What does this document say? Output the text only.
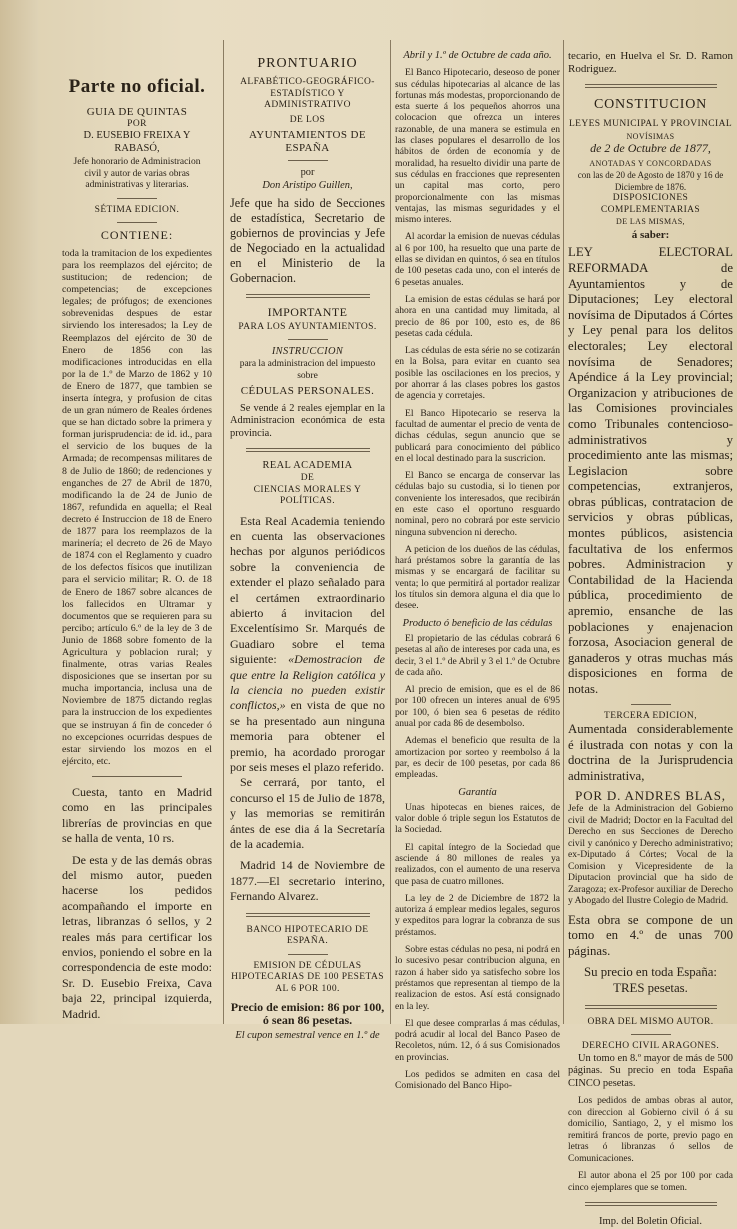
Parte no oficial.
GUIA DE QUINTAS
POR
D. EUSEBIO FREIXA Y RABASÓ,
Jefe honorario de Administracion civil y autor de varias obras administrativas y literarias.
SÉTIMA EDICION.
CONTIENE:

toda la tramitacion de los expedientes para los reemplazos del ejército; de sustitucion; de redencion; de competencias; de excepciones legales; de prófugos; de exenciones sobrevenidas despues de estar sirviendo los interesados; la Ley de Reemplazos del ejército de 30 de Enero de 1856 con las modificaciones introducidas en ella por la de 1.º de Marzo de 1862 y 10 de Enero de 1877, que tambien se inserta íntegra, y profusion de citas de un gran número de Reales órdenes que se han dictado sobre la primera y forman jurisprudencia: de id. id., para el servicio de los buques de la Armada; de recompensas militares de 8 de Julio de 1860; de redenciones y enganches de 27 de Abril de 1870, modificando la de 24 de Junio de 1867, refundida en aquella; el Real decreto é Instruccion de 18 de Enero de 1877 para los reemplazos de la marinería; el decreto de 26 de Mayo de 1874 con el Reglamento y cuadro de los defectos físicos que inutilizan para el servicio militar; R. O. de 18 de Enero de 1867 sobre alcances de los fallecidos en Ultramar y documentos que se requieren para su percibo; artículo 6.º de la ley de 3 de Junio de 1868 sobre fomento de la Agricultura y poblacion rural; y finalmente, otras varias Reales disposiciones que se insertan por su mucha importancia, inclusa una de Noviembre de 1875 dictando reglas para la instruccion de los expedientes que se instruyan á fin de conceder ó no excepciones ocurridas despues de estar sirviendo los mozos en el ejército, etc.

Cuesta, tanto en Madrid como en las principales librerías de provincias en que se halla de venta, 10 rs.

De esta y de las demás obras del mismo autor, pueden hacerse los pedidos acompañando el importe en letras, libranzas ó sellos, y 2 reales más para certificar los envios, poniendo el sobre en la correspondencia de este modo: Sr. D. Eusebio Freixa, Cava baja 22, principal izquierda, Madrid.

PRONTUARIO
ALFABÉTICO-GEOGRÁFICO-ESTADÍSTICO Y ADMINISTRATIVO
DE LOS
AYUNTAMIENTOS DE ESPAÑA
por
Don Aristipo Guillen,

Jefe que ha sido de Secciones de estadística, Secretario de gobiernos de provincias y Jefe de Negociado en la actualidad en el Ministerio de la Gobernacion.

IMPORTANTE
PARA LOS AYUNTAMIENTOS.
INSTRUCCION
para la administracion del impuesto sobre
CÉDULAS PERSONALES.

Se vende á 2 reales ejemplar en la Administracion económica de esta provincia.

REAL ACADEMIA
DE
CIENCIAS MORALES Y POLÍTICAS.

Esta Real Academia teniendo en cuenta las observaciones hechas por algunos periódicos sobre la conveniencia de extender el plazo señalado para el certámen extraordinario abierto á invitacion del Excelentísimo Sr. Marqués de Guadiaro sobre el tema siguiente: «Demostracion de que entre la Religion católica y la ciencia no pueden existir conflictos,» en vista de que no se ha presentado aun ninguna memoria para obtener el premio, ha acordado prorogar por seis meses el plazo referido.

Se cerrará, por tanto, el concurso el 15 de Julio de 1878, y las memorias se remitirán ántes de ese dia á la Secretaría de la academia.

Madrid 14 de Noviembre de 1877.—El secretario interino, Fernando Alvarez.

BANCO HIPOTECARIO DE ESPAÑA.
EMISION DE CÉDULAS HIPOTECARIAS DE 100 PESETAS AL 6 POR 100.
Precio de emision: 86 por 100, ó sean 86 pesetas.
El cupon semestral vence en 1.º de
Abril y 1.º de Octubre de cada año.

El Banco Hipotecario, deseoso de poner sus cédulas hipotecarias al alcance de las fortunas más modestas, proporcionando de esta suerte á los pequeños ahorros una colocacion que ofrezca un interes razonable, de una manera se estimula en las clases populares el desarrollo de los hábitos de órden de economía y de moralidad, ha resuelto dividir una parte de sus cédulas en fracciones que representen un capital mas corto, pero proporcionalmente con las mismas ventajas, las mismas seguridades y el mismo interes.

Al acordar la emision de nuevas cédulas al 6 por 100, ha resuelto que una parte de ellas se dividan en quintos, ó sea en títulos de 100 pesetas cada uno, con el interés de 6 pesetas anuales.

La emision de estas cédulas se hará por ahora en una cantidad muy limitada, al precio de 86 por 100, esto es, de 86 pesetas cada cédula.

Las cédulas de esta série no se cotizarán en la Bolsa, para evitar en cuanto sea posible las oscilaciones en los precios, y por ahorrar á las clases pobres los gastos de agencia y corretajes.

El Banco Hipotecario se reserva la facultad de aumentar el precio de venta de dichas cédulas, segun anuncio que se publicará para conocimiento del público en el local destinado para la suscricion.

El Banco se encarga de conservar las cédulas bajo su custodia, si lo tienen por conveniente los interesados, que recibirán en este caso el oportuno resguardo nominal, pero no cobrará por este servicio ninguna subvencion ni derecho.

A peticion de los dueños de las cédulas, hará préstamos sobre la garantía de las mismas y se encargará de facilitar su venta; lo que permitirá al portador realizar los títulos sin demora alguna el dia que lo desee.

Producto ó beneficio de las cédulas

El propietario de las cédulas cobrará 6 pesetas al año de intereses por cada una, es decir, 3 el 1.º de Abril y 3 el 1.º de Octubre de cada año.

Al precio de emision, que es el de 86 por 100 ofrecen un interes anual de 6'95 por 100, ó bien sea 6 pesetas de rédito anual por cada 86 de desembolso.

Ademas el beneficio que resulta de la amortizacion por sorteo y reembolso á la par, es decir de 100 pesetas, por cada 86 empleadas.

Garantía

Unas hipotecas en bienes raices, de valor doble ó triple segun los Estatutos de la Sociedad.

El capital íntegro de la Sociedad que asciende á 80 millones de reales ya realizados, con el aumento de una reserva que pasa de cuatro millones.

La ley de 2 de Diciembre de 1872 la autoriza á emplear medios legales, seguros y expeditos para lograr la cobranza de sus préstamos.

Sobre estas cédulas no pesa, ni podrá en lo sucesivo pesar contribucion alguna, en razon á haber sido ya satisfecho sobre los préstamos que representan al tiempo de la realizacion de estos. Así está consignado en la ley.

El que desee comprarlas á mas cédulas, podrá acudir al local del Banco Paseo de Recoletos, núm. 12, ó á sus Comisionados en provincias.

Los pedidos se admiten en casa del Comisionado del Banco Hipo-

tecario, en Huelva el Sr. D. Ramon Rodriguez.

CONSTITUCION
LEYES MUNICIPAL Y PROVINCIAL
NOVÍSIMAS
de 2 de Octubre de 1877,
ANOTADAS Y CONCORDADAS
con las de 20 de Agosto de 1870 y 16 de Diciembre de 1876.
DISPOSICIONES COMPLEMENTARIAS
DE LAS MISMAS,
á saber:

LEY ELECTORAL REFORMADA de Ayuntamientos y de Diputaciones; Ley electoral novísima de Diputados á Córtes y Ley penal para los delitos electorales; Ley electoral novísima de Senadores; Apéndice á la Ley provincial; Organizacion y atribuciones de las Comisiones provinciales como Tribunales contencioso-administrativos y procedimiento ante las mismas; Legislacion sobre competencias, extranjeros, obras públicas, contratacion de servicios y obras públicas, montes públicos, asistencia facultativa de los enfermos pobres. Administracion y Contabilidad de la Hacienda pública, procedimiento de apremio, ensanche de las poblaciones y enajenacion forzosa, Asociacion general de ganaderos y otras muchas más disposiciones en forma de notas.

TERCERA EDICION,

Aumentada considerablemente é ilustrada con notas y con la doctrina de la Jurisprudencia administrativa,

POR D. ANDRES BLAS,

Jefe de la Administracion del Gobierno civil de Madrid; Doctor en la Facultad del Derecho en sus Secciones de Derecho civil y canónico y Derecho administrativo; ex-Diputado á Córtes; Vocal de la Comision y Vicepresidente de la Diputacion provincial que ha sido de Zaragoza; ex-Profesor auxiliar de Derecho y Abogado del Ilustre Colegio de Madrid.

Esta obra se compone de un tomo en 4.º de unas 700 páginas.

Su precio en toda España: TRES pesetas.

OBRA DEL MISMO AUTOR.
DERECHO CIVIL ARAGONES.

Un tomo en 8.º mayor de más de 500 páginas. Su precio en toda España CINCO pesetas.

Los pedidos de ambas obras al autor, con direccion al Gobierno civil ó á su domicilio, Santiago, 2, y el mismo los remitirá francos de porte, previo pago en letras ó libranzas ó sellos de Comunicaciones.

El autor abona el 25 por 100 por cada cinco ejemplares que se tomen.

Imp. del Boletin Oficial.
